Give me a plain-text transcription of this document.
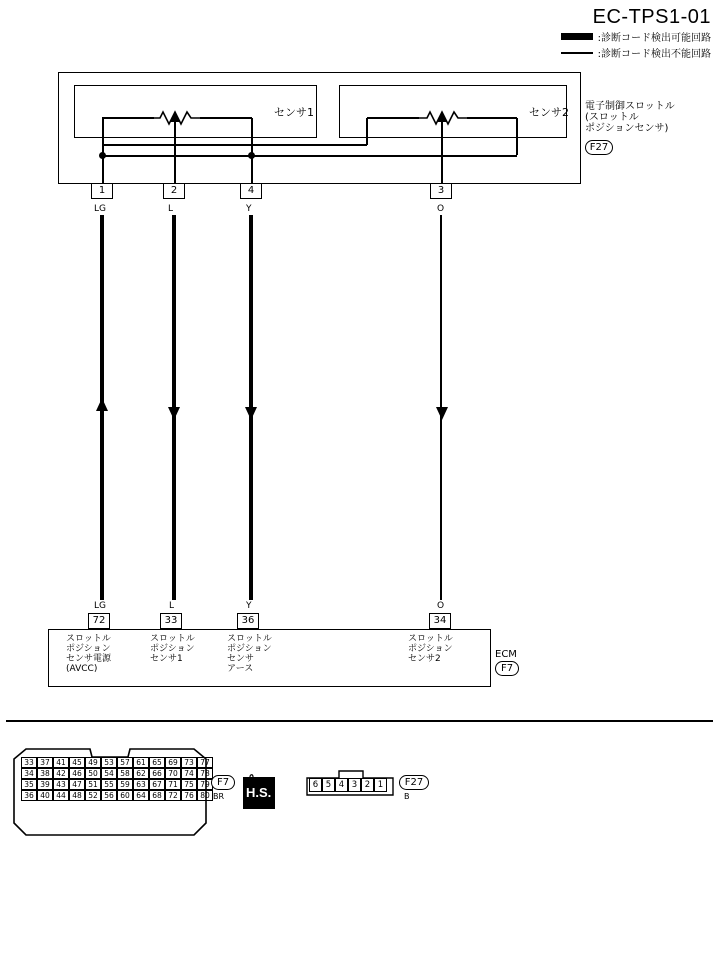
EC-TPS1-01
:診断コード検出可能回路
:診断コード検出不能回路
センサ1	センサ2 電子制御スロットル
(スロットル
ポジションセンサ)
F27
1
LG
2
L
4
Y
3
O
LG
72
L
33
Y
36
O
34
スロットル
ポジション
センサ電源
(AVCC)
スロットル
ポジション
センサ1
スロットル
ポジション
センサ
アース
スロットル
ポジション
センサ2	ECM
F7
33 37 41 45 49 53 57 61 65 69 73 77
34 38 42 46 50 54 58 62 66 70 74 78
35 39 43 47 51 55 59 63 67 71 75 79
36 40 44 48 52 56 60 64 68 72 76 80
F7
BR H.S.	6 5 4 3 2 1	F27
B
